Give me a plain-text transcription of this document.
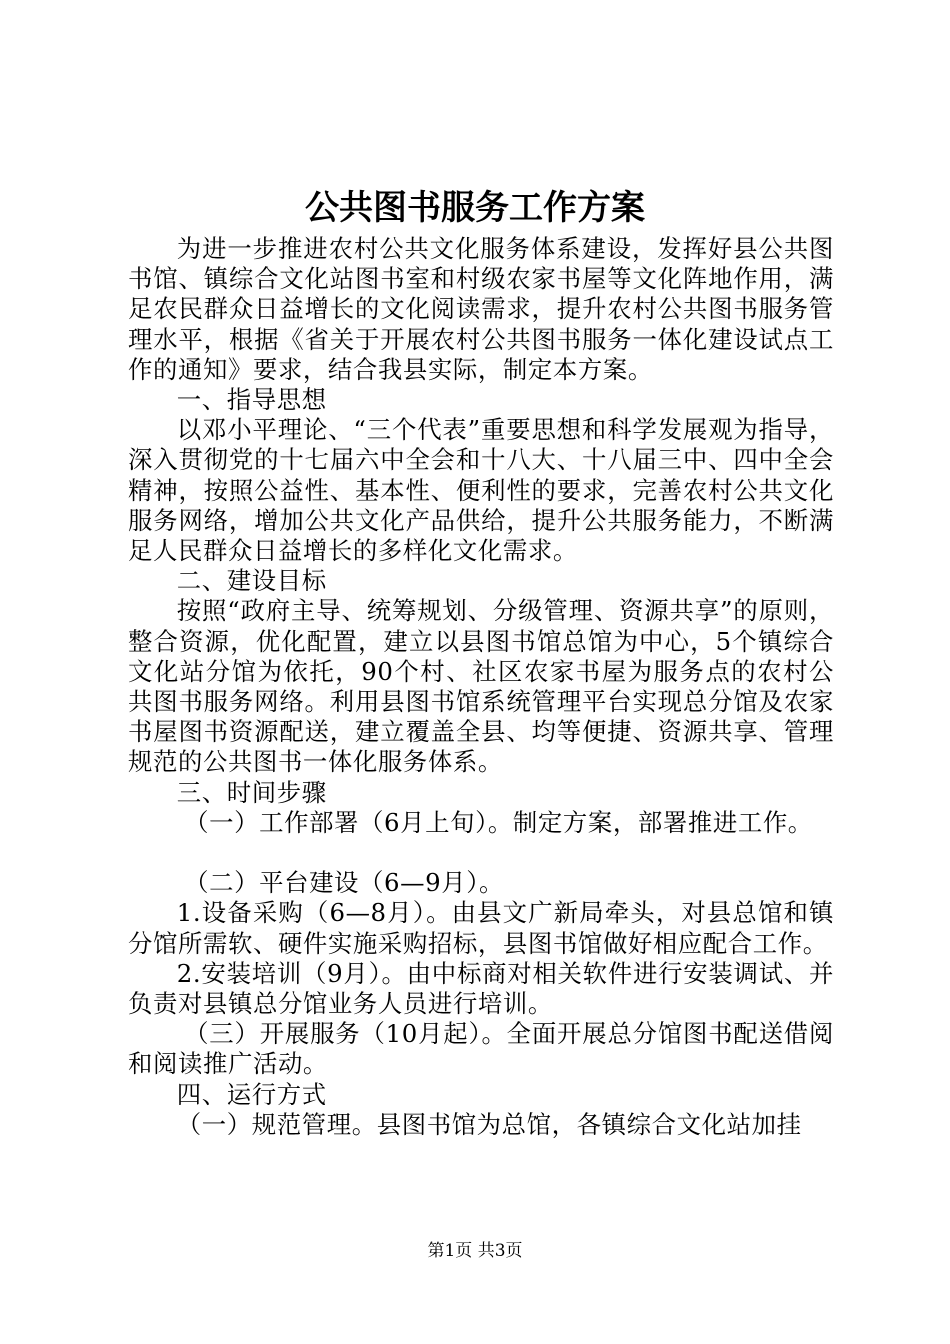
公共图书服务工作方案

为进一步推进农村公共文化服务体系建设，发挥好县公共图书馆、镇综合文化站图书室和村级农家书屋等文化阵地作用，满足农民群众日益增长的文化阅读需求，提升农村公共图书服务管理水平，根据《省关于开展农村公共图书服务一体化建设试点工作的通知》要求，结合我县实际，制定本方案。

一、指导思想

以邓小平理论、“三个代表”重要思想和科学发展观为指导，深入贯彻党的十七届六中全会和十八大、十八届三中、四中全会精神，按照公益性、基本性、便利性的要求，完善农村公共文化服务网络，增加公共文化产品供给，提升公共服务能力，不断满足人民群众日益增长的多样化文化需求。

二、建设目标

按照“政府主导、统筹规划、分级管理、资源共享”的原则，整合资源，优化配置，建立以县图书馆总馆为中心，5个镇综合文化站分馆为依托，90个村、社区农家书屋为服务点的农村公共图书服务网络。利用县图书馆系统管理平台实现总分馆及农家书屋图书资源配送，建立覆盖全县、均等便捷、资源共享、管理规范的公共图书一体化服务体系。

三、时间步骤

（一）工作部署（6月上旬）。制定方案，部署推进工作。

（二）平台建设（6—9月）。

1.设备采购（6—8月）。由县文广新局牵头，对县总馆和镇分馆所需软、硬件实施采购招标，县图书馆做好相应配合工作。

2.安装培训（9月）。由中标商对相关软件进行安装调试、并负责对县镇总分馆业务人员进行培训。

（三）开展服务（10月起）。全面开展总分馆图书配送借阅和阅读推广活动。

四、运行方式

（一）规范管理。县图书馆为总馆，各镇综合文化站加挂

第1页 共3页
